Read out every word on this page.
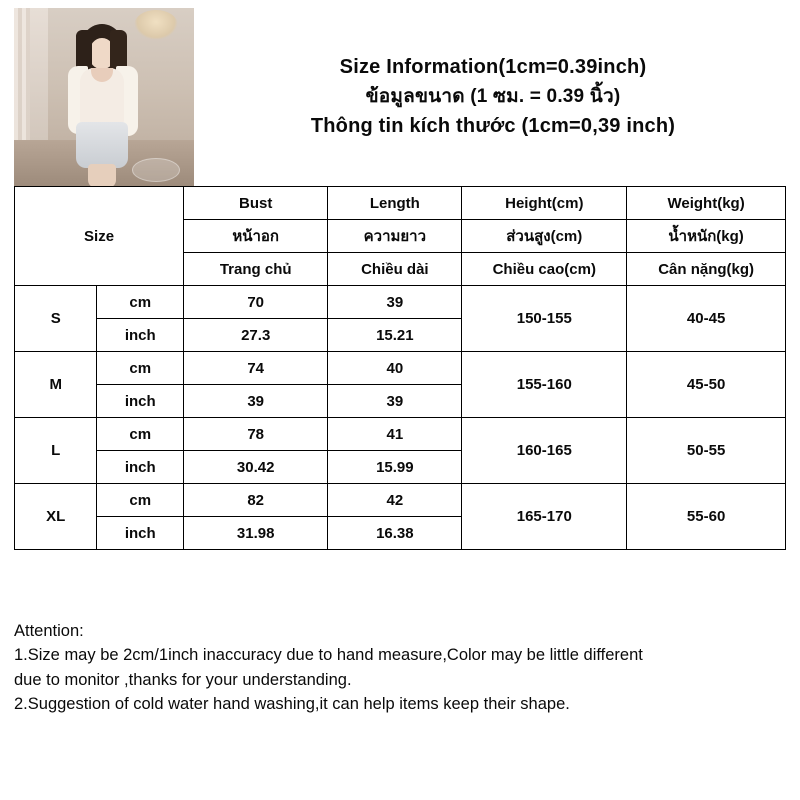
Size Information(1cm=0.39inch)
ข้อมูลขนาด (1 ซม. = 0.39 นิ้ว)
Thông tin kích thước (1cm=0,39 inch)
Size		Bust	Length	Height(cm)	Weight(kg)
		หน้าอก	ความยาว	ส่วนสูง(cm)	น้ำหนัก(kg)
		Trang chủ	Chiều dài	Chiều cao(cm)	Cân nặng(kg)
S	cm	70	39	150-155	40-45
	inch	27.3	15.21		
M	cm	74	40	155-160	45-50
	inch	39	39		
L	cm	78	41	160-165	50-55
	inch	30.42	15.99		
XL	cm	82	42	165-170	55-60
	inch	31.98	16.38		

Attention:

1.Size may be 2cm/1inch inaccuracy due to hand measure,Color may be little different

due to monitor ,thanks for your understanding.

2.Suggestion of cold water hand washing,it can help items keep their shape.
